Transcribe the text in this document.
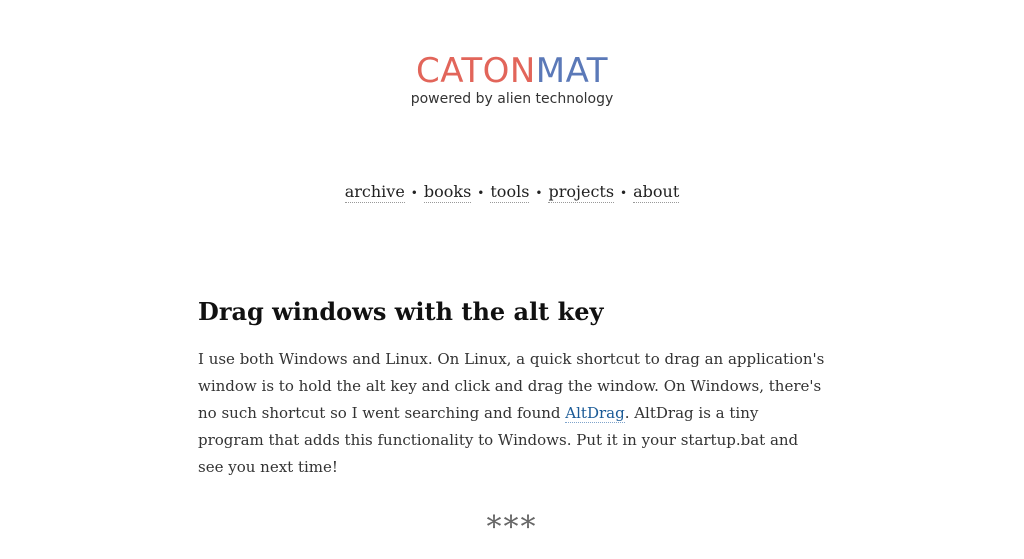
CATONMAT
powered by alien technology
archive • books • tools • projects • about
Drag windows with the alt key

I use both Windows and Linux. On Linux, a quick shortcut to drag an application's window is to hold the alt key and click and drag the window. On Windows, there's no such shortcut so I went searching and found AltDrag. AltDrag is a tiny program that adds this functionality to Windows. Put it in your startup.bat and see you next time!

***
